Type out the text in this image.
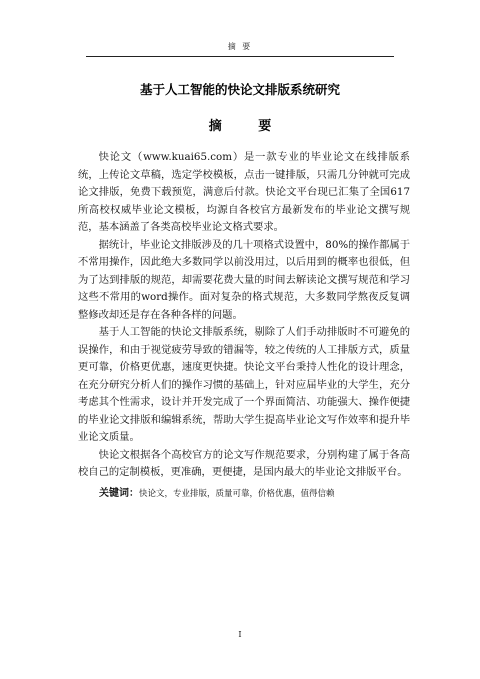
摘 要
基于人工智能的快论文排版系统研究
摘 要

快论文（www.kuai65.com）是一款专业的毕业论文在线排版系统，上传论文草稿，选定学校模板，点击一键排版，只需几分钟就可完成论文排版，免费下载预览，满意后付款。快论文平台现已汇集了全国617所高校权威毕业论文模板，均源自各校官方最新发布的毕业论文撰写规范，基本涵盖了各类高校毕业论文格式要求。

据统计，毕业论文排版涉及的几十项格式设置中，80%的操作都属于不常用操作，因此绝大多数同学以前没用过，以后用到的概率也很低，但为了达到排版的规范，却需要花费大量的时间去解读论文撰写规范和学习这些不常用的word操作。面对复杂的格式规范，大多数同学熬夜反复调整修改却还是存在各种各样的问题。

基于人工智能的快论文排版系统，剔除了人们手动排版时不可避免的误操作，和由于视觉疲劳导致的错漏等，较之传统的人工排版方式，质量更可靠，价格更优惠，速度更快捷。快论文平台秉持人性化的设计理念，在充分研究分析人们的操作习惯的基础上，针对应届毕业的大学生，充分考虑其个性需求，设计并开发完成了一个界面简洁、功能强大、操作便捷的毕业论文排版和编辑系统，帮助大学生提高毕业论文写作效率和提升毕业论文质量。

快论文根据各个高校官方的论文写作规范要求，分别构建了属于各高校自己的定制模板，更准确，更便捷，是国内最大的毕业论文排版平台。

关键词：快论文，专业排版，质量可靠，价格优惠，值得信赖
I
